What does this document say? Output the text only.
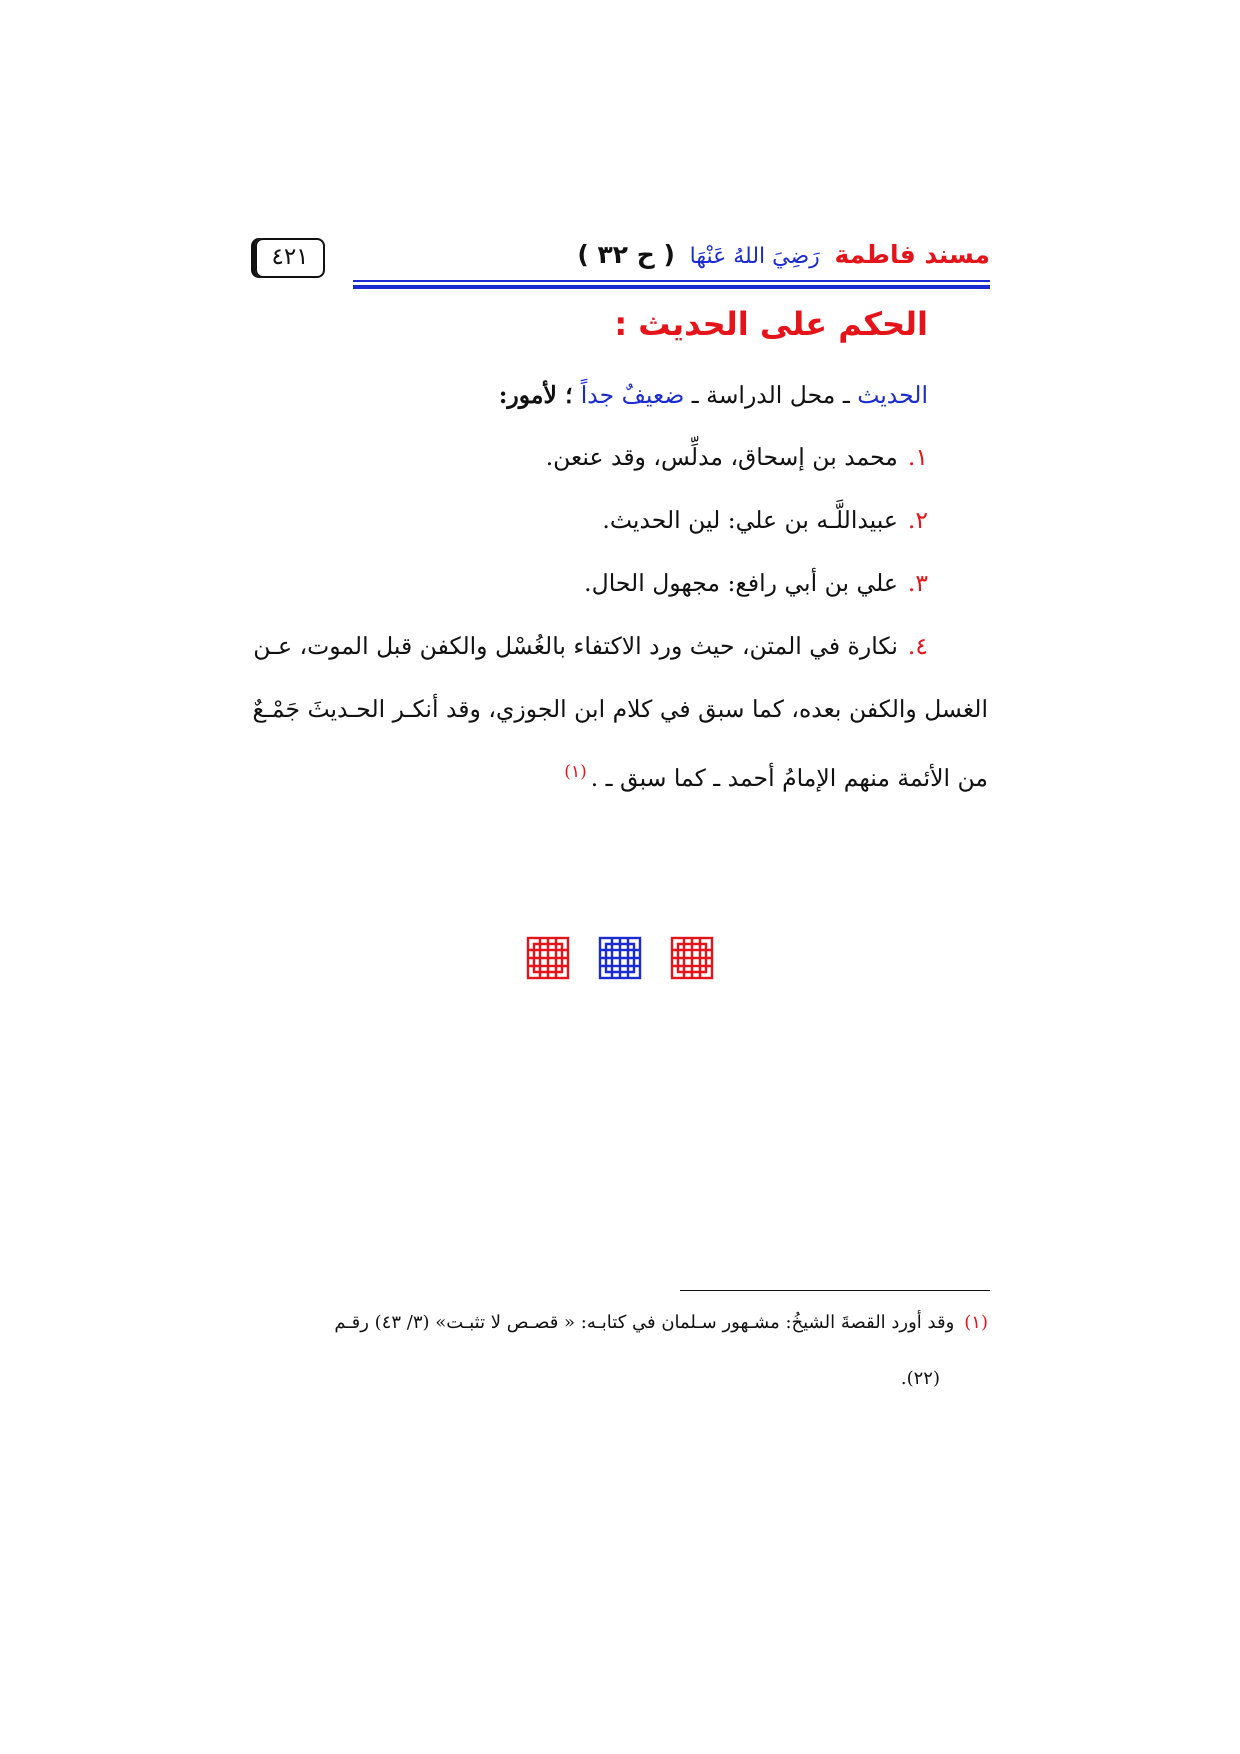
٤٢١	مسند فاطمة رَضِيَ اللهُ عَنْهَا ( ح ٣٢ )
الحكم على الحديث :
الحديث ـ محل الدراسة ـ ضعيفٌ جداً ؛ لأمور:
١.محمد بن إسحاق، مدلِّس، وقد عنعن.
٢.عبيداللَّـه بن علي: لين الحديث.
٣.علي بن أبي رافع: مجهول الحال.
٤.نكارة في المتن، حيث ورد الاكتفاء بالغُسْل والكفن قبل الموت، عـن
الغسل والكفن بعده، كما سبق في كلام ابن الجوزي، وقد أنكـر الحـديثَ جَمْـعٌ
من الأئمة منهم الإمامُ أحمد ـ كما سبق ـ .$^{(١)}$
(١)وقد أورد القصةَ الشيخُ: مشـهور سـلمان في كتابـه: « قصـص لا تثبـت» (٣/ ٤٣) رقـم
(٢٢).
